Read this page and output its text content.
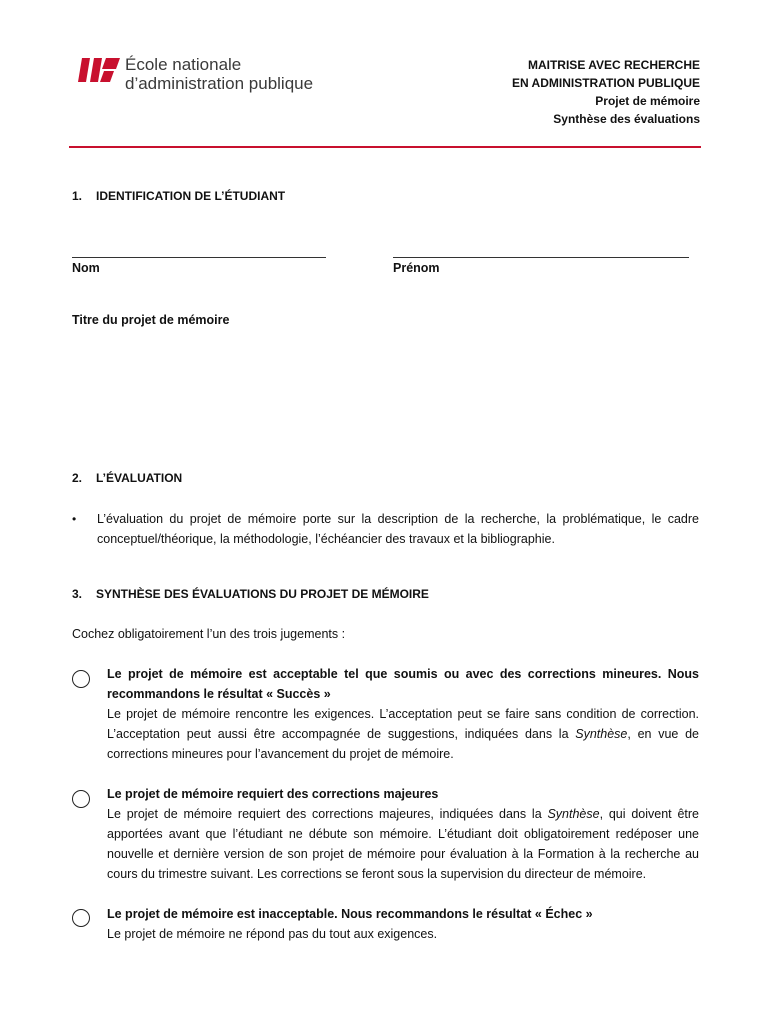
École nationale
d’administration publique
MAITRISE AVEC RECHERCHE
EN ADMINISTRATION PUBLIQUE
Projet de mémoire
Synthèse des évaluations
1. IDENTIFICATION DE L’ÉTUDIANT
Nom	Prénom
Titre du projet de mémoire
2. L’ÉVALUATION
• L’évaluation du projet de mémoire porte sur la description de la recherche, la problématique, le cadre conceptuel/théorique, la méthodologie, l’échéancier des travaux et la bibliographie.
3. SYNTHÈSE DES ÉVALUATIONS DU PROJET DE MÉMOIRE
Cochez obligatoirement l’un des trois jugements :
Le projet de mémoire est acceptable tel que soumis ou avec des corrections mineures. Nous recommandons le résultat « Succès »
Le projet de mémoire rencontre les exigences. L’acceptation peut se faire sans condition de correction. L’acceptation peut aussi être accompagnée de suggestions, indiquées dans la Synthèse, en vue de corrections mineures pour l’avancement du projet de mémoire.
Le projet de mémoire requiert des corrections majeures
Le projet de mémoire requiert des corrections majeures, indiquées dans la Synthèse, qui doivent être apportées avant que l’étudiant ne débute son mémoire. L’étudiant doit obligatoirement redéposer une nouvelle et dernière version de son projet de mémoire pour évaluation à la Formation à la recherche au cours du trimestre suivant. Les corrections se feront sous la supervision du directeur de mémoire.
Le projet de mémoire est inacceptable. Nous recommandons le résultat « Échec »
Le projet de mémoire ne répond pas du tout aux exigences.
